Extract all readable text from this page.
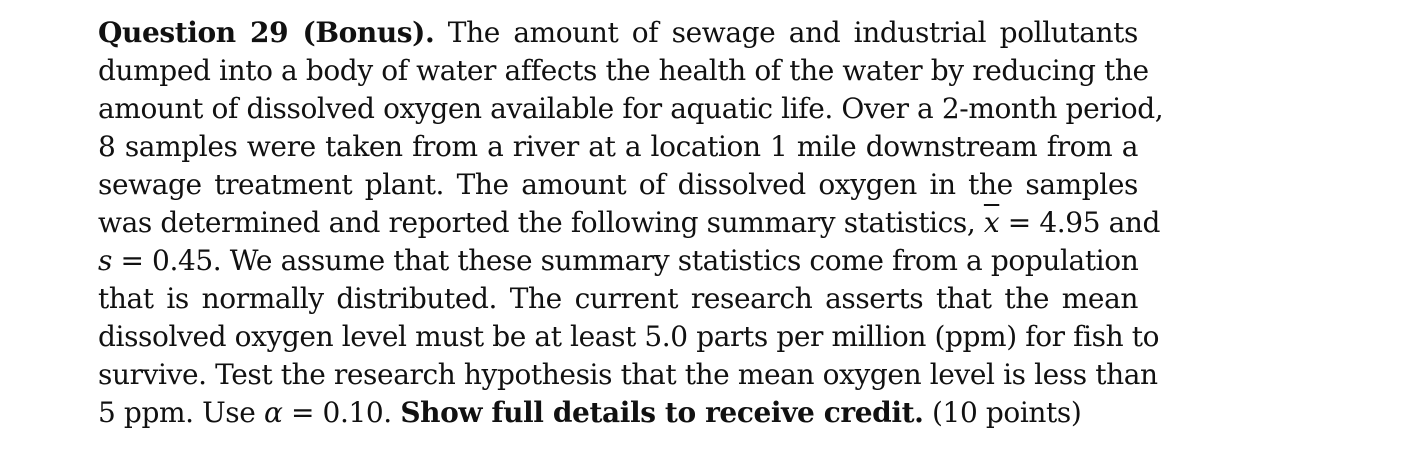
Question 29 (Bonus). The amount of sewage and industrial pollutants
dumped into a body of water affects the health of the water by reducing the
amount of dissolved oxygen available for aquatic life. Over a 2-month period,
8 samples were taken from a river at a location 1 mile downstream from a
sewage treatment plant. The amount of dissolved oxygen in the samples
was determined and reported the following summary statistics, $\overline{x} = 4.95$ and
s = 0.45. We assume that these summary statistics come from a population
that is normally distributed. The current research asserts that the mean
dissolved oxygen level must be at least 5.0 parts per million (ppm) for fish to
survive. Test the research hypothesis that the mean oxygen level is less than
5 ppm. Use α = 0.10. Show full details to receive credit. (10 points)
